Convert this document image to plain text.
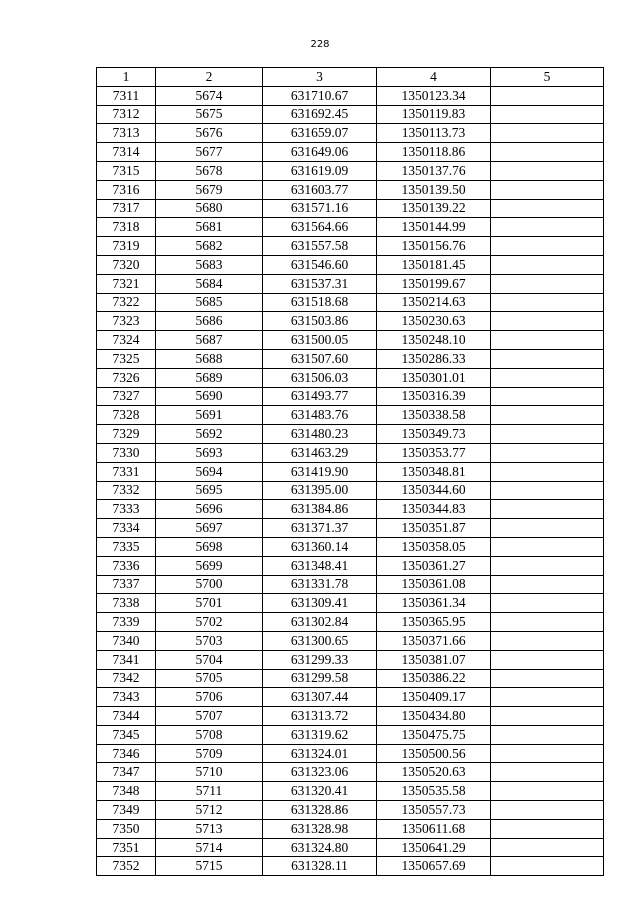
228
1	2	3	4	5
7311	5674	631710.67	1350123.34	
7312	5675	631692.45	1350119.83	
7313	5676	631659.07	1350113.73	
7314	5677	631649.06	1350118.86	
7315	5678	631619.09	1350137.76	
7316	5679	631603.77	1350139.50	
7317	5680	631571.16	1350139.22	
7318	5681	631564.66	1350144.99	
7319	5682	631557.58	1350156.76	
7320	5683	631546.60	1350181.45	
7321	5684	631537.31	1350199.67	
7322	5685	631518.68	1350214.63	
7323	5686	631503.86	1350230.63	
7324	5687	631500.05	1350248.10	
7325	5688	631507.60	1350286.33	
7326	5689	631506.03	1350301.01	
7327	5690	631493.77	1350316.39	
7328	5691	631483.76	1350338.58	
7329	5692	631480.23	1350349.73	
7330	5693	631463.29	1350353.77	
7331	5694	631419.90	1350348.81	
7332	5695	631395.00	1350344.60	
7333	5696	631384.86	1350344.83	
7334	5697	631371.37	1350351.87	
7335	5698	631360.14	1350358.05	
7336	5699	631348.41	1350361.27	
7337	5700	631331.78	1350361.08	
7338	5701	631309.41	1350361.34	
7339	5702	631302.84	1350365.95	
7340	5703	631300.65	1350371.66	
7341	5704	631299.33	1350381.07	
7342	5705	631299.58	1350386.22	
7343	5706	631307.44	1350409.17	
7344	5707	631313.72	1350434.80	
7345	5708	631319.62	1350475.75	
7346	5709	631324.01	1350500.56	
7347	5710	631323.06	1350520.63	
7348	5711	631320.41	1350535.58	
7349	5712	631328.86	1350557.73	
7350	5713	631328.98	1350611.68	
7351	5714	631324.80	1350641.29	
7352	5715	631328.11	1350657.69	
